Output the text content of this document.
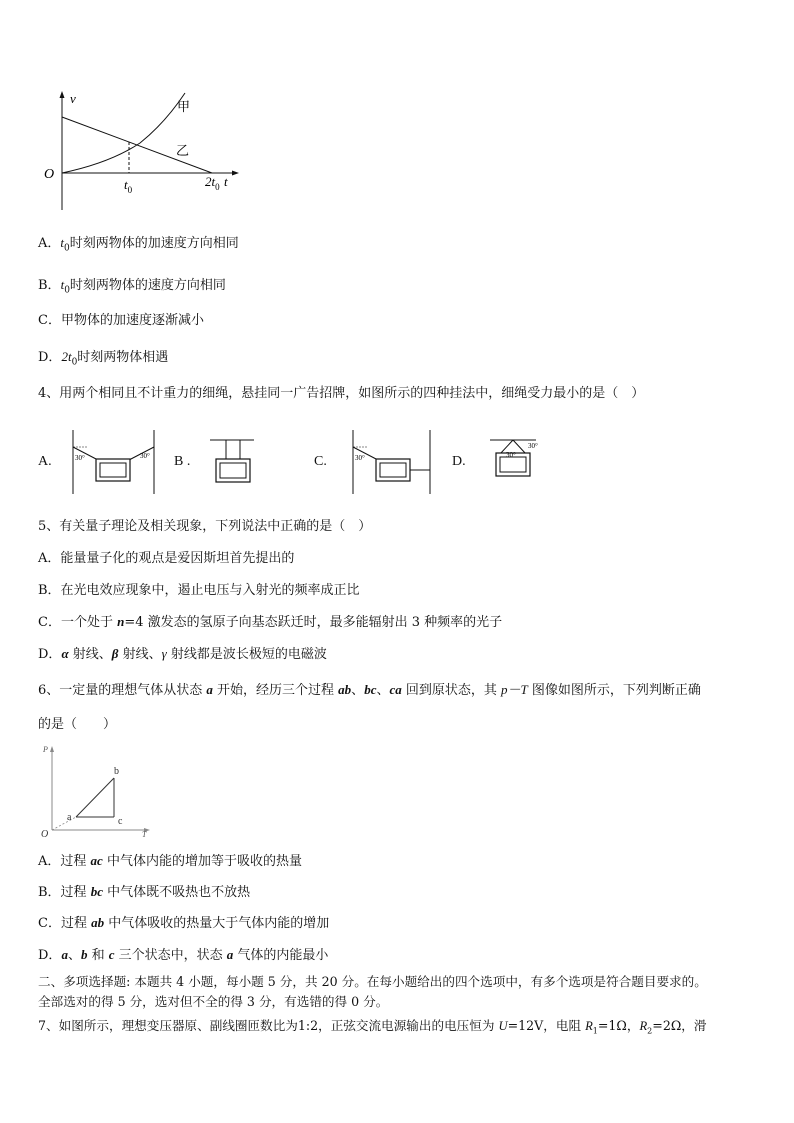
v
O	t
甲
乙
$t_0$
$2t_0$
A．$t_0$时刻两物体的加速度方向相同
B．$t_0$时刻两物体的速度方向相同
C．甲物体的加速度逐渐减小
D．$2t_0$时刻两物体相遇
4、用两个相同且不计重力的细绳，悬挂同一广告招牌，如图所示的四种挂法中，细绳受力最小的是（　）
A.	30°	30° B .	C.	30°	D.	30°
30°
5、有关量子理论及相关现象，下列说法中正确的是（　）
A．能量量子化的观点是爱因斯坦首先提出的
B．在光电效应现象中，遏止电压与入射光的频率成正比
C．一个处于 n=4 激发态的氢原子向基态跃迁时，最多能辐射出 3 种频率的光子
D．α 射线、β 射线、γ 射线都是波长极短的电磁波
6、一定量的理想气体从状态 a 开始，经历三个过程 ab、bc、ca 回到原状态，其 p－T 图像如图所示，下列判断正确
的是（　　）
P
T
O
a
b
c
A．过程 ac 中气体内能的增加等于吸收的热量
B．过程 bc 中气体既不吸热也不放热
C．过程 ab 中气体吸收的热量大于气体内能的增加
D．a、b 和 c 三个状态中，状态 a 气体的内能最小
二、多项选择题: 本题共 4 小题，每小题 5 分，共 20 分。在每小题给出的四个选项中，有多个选项是符合题目要求的。
全部选对的得 5 分，选对但不全的得 3 分，有选错的得 0 分。
7、如图所示，理想变压器原、副线圈匝数比为1:2，正弦交流电源输出的电压恒为 U=12V，电阻 $R_1=1\Omega$，$R_2=2\Omega$，滑
